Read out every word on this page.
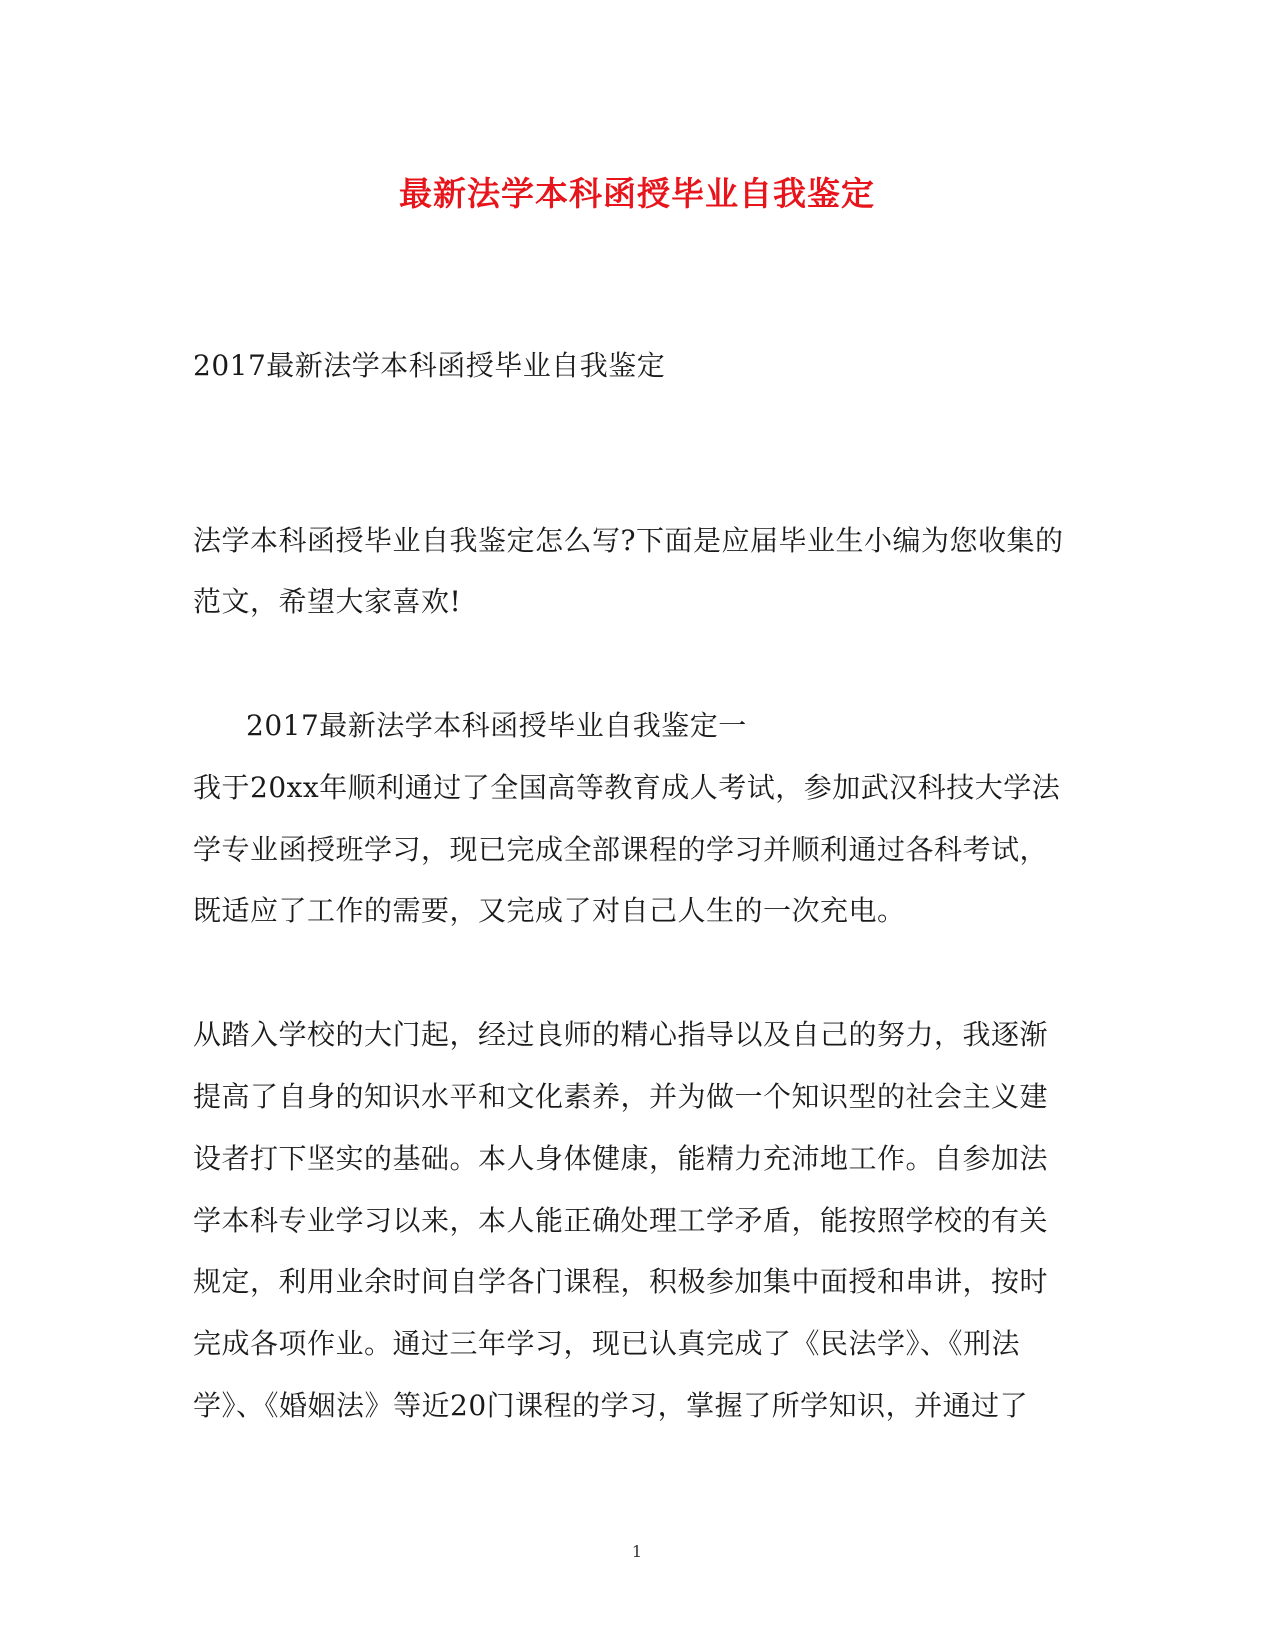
最新法学本科函授毕业自我鉴定
2017最新法学本科函授毕业自我鉴定
法学本科函授毕业自我鉴定怎么写?下面是应届毕业生小编为您收集的
范文，希望大家喜欢!
2017最新法学本科函授毕业自我鉴定一
我于20xx年顺利通过了全国高等教育成人考试，参加武汉科技大学法
学专业函授班学习，现已完成全部课程的学习并顺利通过各科考试，
既适应了工作的需要，又完成了对自己人生的一次充电。
从踏入学校的大门起，经过良师的精心指导以及自己的努力，我逐渐
提高了自身的知识水平和文化素养，并为做一个知识型的社会主义建
设者打下坚实的基础。本人身体健康，能精力充沛地工作。自参加法
学本科专业学习以来，本人能正确处理工学矛盾，能按照学校的有关
规定，利用业余时间自学各门课程，积极参加集中面授和串讲，按时
完成各项作业。通过三年学习，现已认真完成了《民法学》、《刑法
学》、《婚姻法》等近20门课程的学习，掌握了所学知识，并通过了
1
